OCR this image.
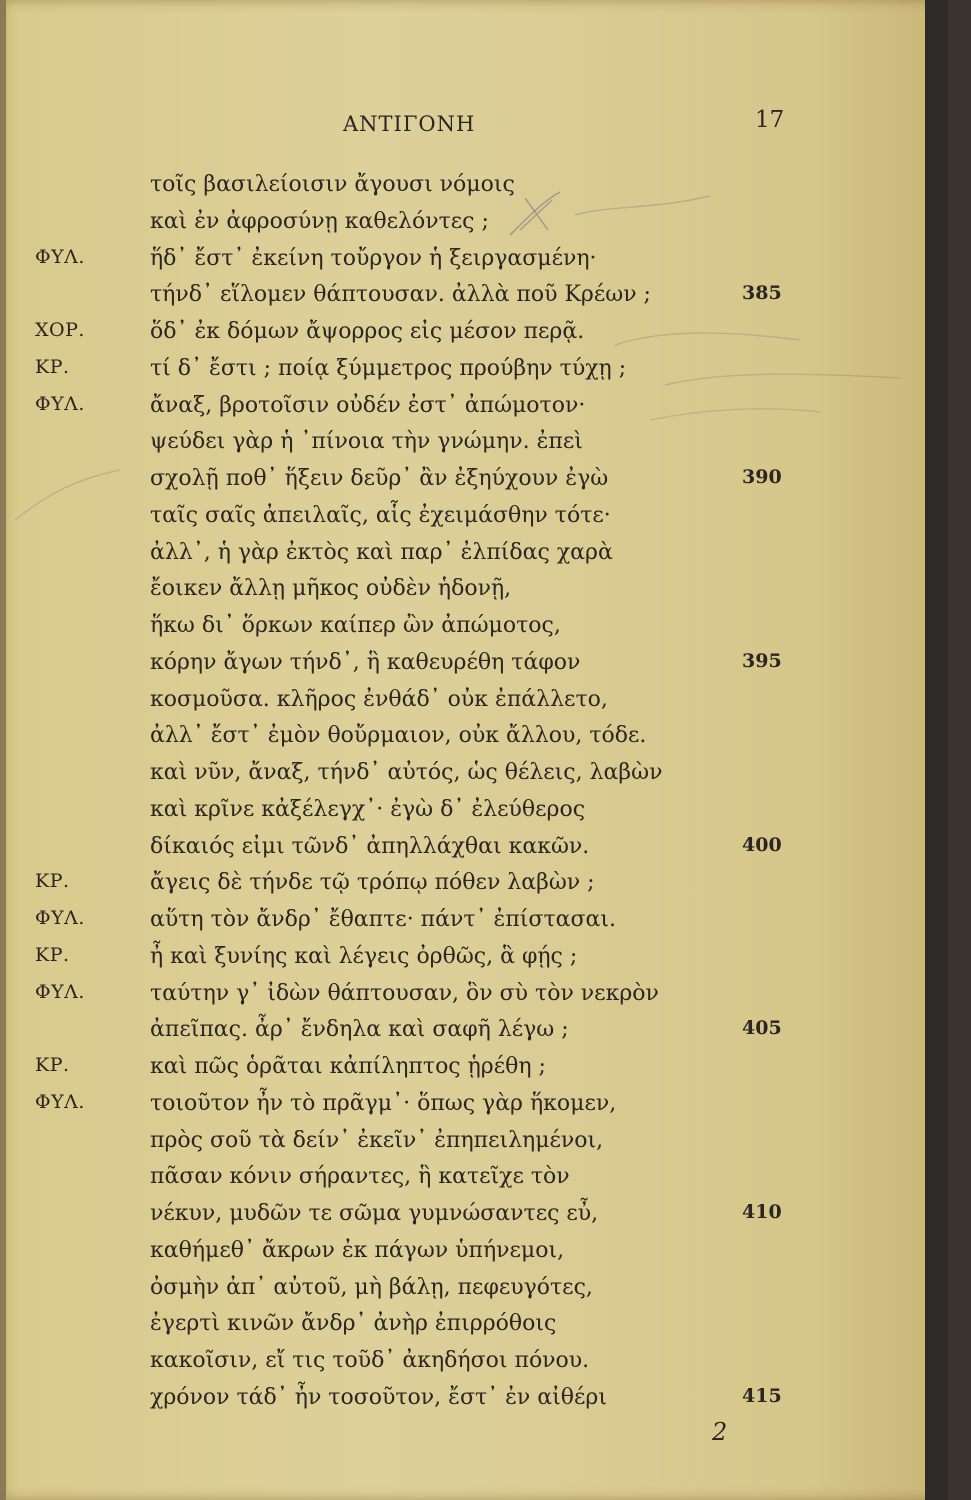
ΑΝΤΙΓΟΝΗ	17
τοῖς βασιλείοισιν ἄγουσι νόμοις
καὶ ἐν ἀφροσύνῃ καθελόντες ;
ΦΥΛ.	ἥδ᾿ ἔστ᾿ ἐκείνη τοὔργον ἡ ξειργασμένη·
τήνδ᾿ εἵλομεν θάπτουσαν. ἀλλὰ ποῦ Κρέων ;	385
ΧΟΡ.	ὅδ᾿ ἐκ δόμων ἄψορρος εἰς μέσον περᾷ.
ΚΡ.	τί δ᾿ ἔστι ; ποίᾳ ξύμμετρος προύβην τύχῃ ;
ΦΥΛ.	ἄναξ, βροτοῖσιν οὐδέν ἐστ᾿ ἀπώμοτον·
ψεύδει γὰρ ἡ ᾿πίνοια τὴν γνώμην. ἐπεὶ
σχολῇ ποθ᾿ ἥξειν δεῦρ᾿ ἂν ἐξηύχουν ἐγὼ	390
ταῖς σαῖς ἀπειλαῖς, αἷς ἐχειμάσθην τότε·
ἀλλ᾿, ἡ γὰρ ἐκτὸς καὶ παρ᾿ ἐλπίδας χαρὰ
ἔοικεν ἄλλῃ μῆκος οὐδὲν ἡδονῇ,
ἥκω δι᾿ ὅρκων καίπερ ὢν ἀπώμοτος,
κόρην ἄγων τήνδ᾿, ἣ καθευρέθη τάφον	395
κοσμοῦσα. κλῆρος ἐνθάδ᾿ οὐκ ἐπάλλετο,
ἀλλ᾿ ἔστ᾿ ἐμὸν θοὔρμαιον, οὐκ ἄλλου, τόδε.
καὶ νῦν, ἄναξ, τήνδ᾿ αὐτός, ὡς θέλεις, λαβὼν
καὶ κρῖνε κἀξέλεγχ᾿· ἐγὼ δ᾿ ἐλεύθερος
δίκαιός εἰμι τῶνδ᾿ ἀπηλλάχθαι κακῶν.	400
ΚΡ.	ἄγεις δὲ τήνδε τῷ τρόπῳ πόθεν λαβὼν ;
ΦΥΛ.	αὕτη τὸν ἄνδρ᾿ ἔθαπτε· πάντ᾿ ἐπίστασαι.
ΚΡ.	ἦ καὶ ξυνίης καὶ λέγεις ὀρθῶς, ἃ φῄς ;
ΦΥΛ.	ταύτην γ᾿ ἰδὼν θάπτουσαν, ὃν σὺ τὸν νεκρὸν
ἀπεῖπας. ἆρ᾿ ἔνδηλα καὶ σαφῆ λέγω ;	405
ΚΡ.	καὶ πῶς ὁρᾶται κἀπίληπτος ᾑρέθη ;
ΦΥΛ.	τοιοῦτον ἦν τὸ πρᾶγμ᾿· ὅπως γὰρ ἥκομεν,
πρὸς σοῦ τὰ δείν᾿ ἐκεῖν᾿ ἐπηπειλημένοι,
πᾶσαν κόνιν σήραντες, ἣ κατεῖχε τὸν
νέκυν, μυδῶν τε σῶμα γυμνώσαντες εὖ,	410
καθήμεθ᾿ ἄκρων ἐκ πάγων ὑπήνεμοι,
ὀσμὴν ἀπ᾿ αὐτοῦ, μὴ βάλῃ, πεφευγότες,
ἐγερτὶ κινῶν ἄνδρ᾿ ἀνὴρ ἐπιρρόθοις
κακοῖσιν, εἴ τις τοῦδ᾿ ἀκηδήσοι πόνου.
χρόνον τάδ᾿ ἦν τοσοῦτον, ἔστ᾿ ἐν αἰθέρι	415
2
